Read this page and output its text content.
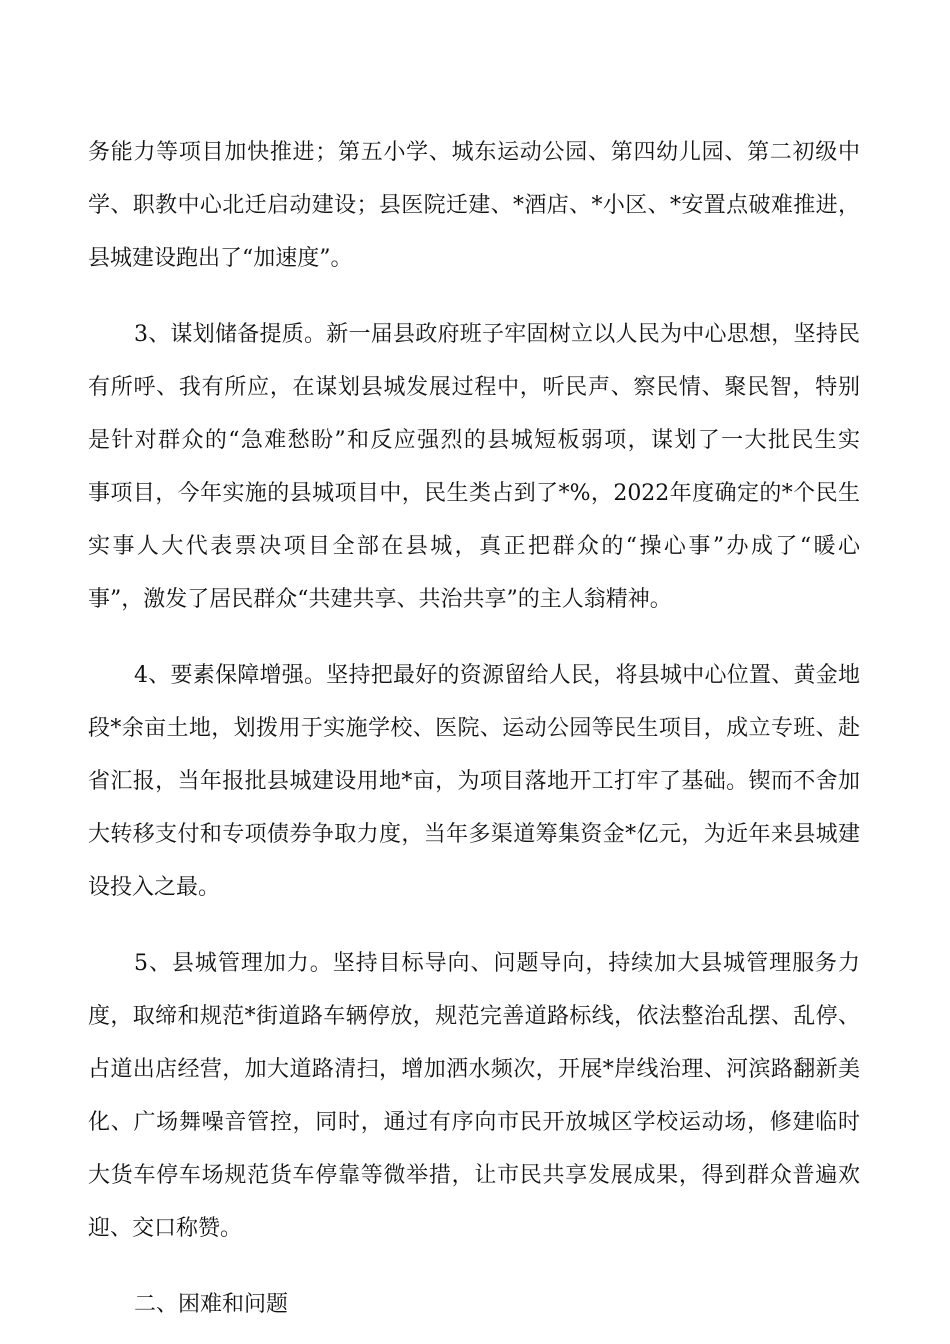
务能力等项目加快推进；第五小学、城东运动公园、第四幼儿园、第二初级中
学、职教中心北迁启动建设；县医院迁建、*酒店、*小区、*安置点破难推进，
县城建设跑出了“加速度”。
3、谋划储备提质。新一届县政府班子牢固树立以人民为中心思想，坚持民
有所呼、我有所应，在谋划县城发展过程中，听民声、察民情、聚民智，特别
是针对群众的“急难愁盼”和反应强烈的县城短板弱项，谋划了一大批民生实
事项目，今年实施的县城项目中，民生类占到了*%，2022年度确定的*个民生
实事人大代表票决项目全部在县城，真正把群众的“操心事”办成了“暖心
事”，激发了居民群众“共建共享、共治共享”的主人翁精神。
4、要素保障增强。坚持把最好的资源留给人民，将县城中心位置、黄金地
段*余亩土地，划拨用于实施学校、医院、运动公园等民生项目，成立专班、赴
省汇报，当年报批县城建设用地*亩，为项目落地开工打牢了基础。锲而不舍加
大转移支付和专项债券争取力度，当年多渠道筹集资金*亿元，为近年来县城建
设投入之最。
5、县城管理加力。坚持目标导向、问题导向，持续加大县城管理服务力
度，取缔和规范*街道路车辆停放，规范完善道路标线，依法整治乱摆、乱停、
占道出店经营，加大道路清扫，增加洒水频次，开展*岸线治理、河滨路翻新美
化、广场舞噪音管控，同时，通过有序向市民开放城区学校运动场，修建临时
大货车停车场规范货车停靠等微举措，让市民共享发展成果，得到群众普遍欢
迎、交口称赞。
二、困难和问题
